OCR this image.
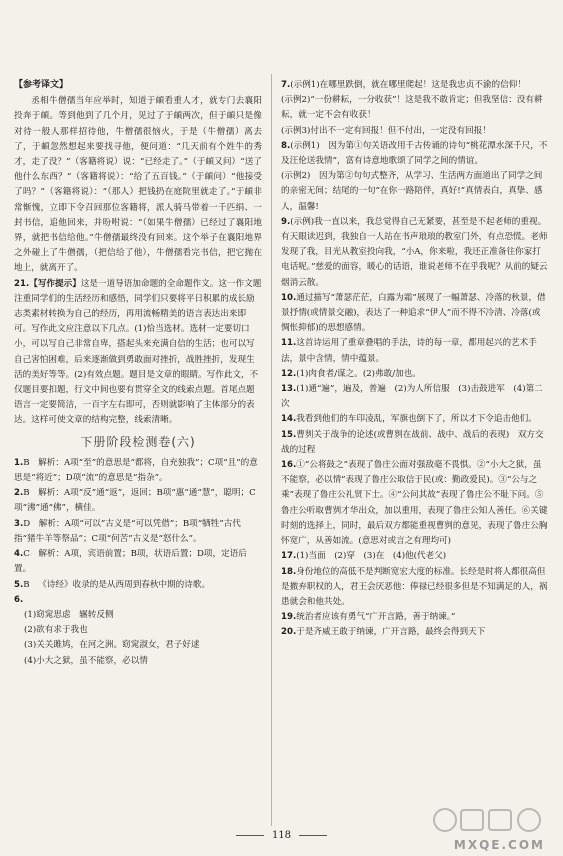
【参考译文】
丞相牛僧孺当年应举时，知道于頔看重人才，就专门去襄阳投奔于頔。等到他到了几个月，见过了于頔两次，但于頔只是像对待一般人那样招待他，牛僧孺很恼火，于是（牛僧孺）离去了，于頔忽然想起来要找寻他，便问道：“几天前有个姓牛的秀才，走了没？”（客籍将说）说：“已经走了。”（于頔又问）“送了他什么东西？”（客籍将说）：“给了五百钱。”（于頔问）“他接受了吗？”（客籍将说）：“（那人）把钱扔在庭院里就走了。”于頔非常惭愧，立即下令召回那位客籍将，派人骑马带着一千匹绢、一封书信，追他回来，并吩咐说：“（如果牛僧孺）已经过了襄阳地界，就把书信给他。”牛僧孺最终没有回来。这个举子在襄阳地界之外碰上了牛僧孺，（把信给了他），牛僧孺看完书信，把它抛在地上，就离开了。
21.【写作提示】这是一道导语加命题的全命题作文。这一作文题注重同学们的生活经历和感悟，同学们只要将平日积累的成长励志类素材转换为自己的经历，再用流畅精美的语言表达出来即可。写作此文应注意以下几点。(1)恰当选材。选材一定要切口小，可以写自己非常自卑，搭起头来充满自信的生活；也可以写自己害怕困难，后来逐渐做到勇敢面对挫折，战胜挫折，发现生活的美好等等。(2)有效点题。题目是文章的眼睛。写作此文，不仅题目要扣题，行文中间也要有贯穿全文的线索点题。首尾点题语言一定要简洁，一百字左右即可，否则就影响了主体部分的表达。这样可使文章的结构完整，线索清晰。
下册阶段检测卷(六)
1.B  解析：A项“至”的意思是“都将，自充独我”；C项“且”的意思是“将近”；D项“流”的意思是“指杂”。
2.B  解析：A项“反”通“返”，返回；B项“惠”通“慧”，聪明；C项“沸”通“佛”，横佳。
3.D  解析：A项“可以”古义是“可以凭借”；B项“牺牲”古代指“猪牛羊等祭品”；C项“何苦”古义是“怒什么”。
4.C  解析：A项，宾语前置；B项，状语后置；D项，定语后置。
5.B  《诗经》收录的是从西周到春秋中期的诗歌。
6.
(1)窈窕思虑　辗转反侧
(2)欲有求于我也
(3)关关雎鸠，在河之洲。窈窕淑女，君子好逑
(4)小大之狱，虽不能察，必以情
7.(示例1)在哪里跌倒，就在哪里爬起！这是我忠贞不渝的信仰！
(示例2)“一份耕耘，一分收获”！这是我不敢肯定；但我坚信：没有耕耘，就一定不会有收获！
(示例3)付出不一定有回报！但不付出，一定没有回报！
8.(示例1)　因为第①句关语改用千古传诵的诗句“桃花潭水深千尺，不及汪伦送我情”，富有诗意地歌颂了同学之间的情谊。
(示例2)　因为第②句句式整齐，从学习、生活两方面道出了同学之间的亲密无间；结尾的一句“在你一路陪伴，真好!”真情表白，真挚、感人，温馨!
9.(示例)我一直以来，我总觉得自己无紧要，甚至是不起老师的重视。有天眼读迟到，我独自一人站在书声琅琅的教室门外，有点恐慌。老师发现了我，目光从教室投向我，“小A，你来啦，我还正准备往你家打电话呢。”慈爱的面容，暖心的话语，谁说老师不在乎我呢？从前的疑云烟消云散。
10.通过描写“萧瑟茫茫，白露为霜”展现了一幅萧瑟、冷落的秋景，借景抒情(或情景交融)，表达了一种追求“伊人”而不得不冷清、冷落(或惆怅抑郁)的思想感情。
11.这首诗运用了重章叠唱的手法，诗的每一章，都用起兴的艺术手法，景中含情，情中蕴景。
12.(1)肉食者/谋之。(2)弗敢/加也。
13.(1)通“遍”，遍及，普遍　(2)为人所信服　(3)击鼓进军　(4)第二次
14.我看到他们的车印凌乱，军旗也倒下了，所以才下令追击他们。
15.曹刿关于战争的论述(或曹刿在战前、战中、战后的表现)　双方交战的过程
16.①“公将鼓之”表现了鲁庄公面对强敌毫不畏惧。②“小大之狱，虽不能察，必以情”表现了鲁庄公取信于民(或：勤政爱民)。③“公与之乘”表现了鲁庄公礼贤下士。④“公问其故”表现了鲁庄公不耻下问。⑤鲁庄公听取曹刿才华出众，加以重用，表现了鲁庄公知人善任。⑥关键时刻的选择上，同时，最后双方都能重视曹刿的意见，表现了鲁庄公胸怀宽广，从善如流。(意思对或言之有理均可)
17.(1)当面　(2)穿　(3)在　(4)他(代老父)
18.身份地位的高低不是判断宽宏大度的标准。长经是时将人都很高但是撤弃职权的人，君王会厌恶他：俸禄已经很多但是不知满足的人，祸患就会和他共处。
19.统治者应该有勇气“广开言路，善于纳谏。”
20.于是齐威王敢于纳谏，广开言路，最终会得到天下
118
MXQE.COM
